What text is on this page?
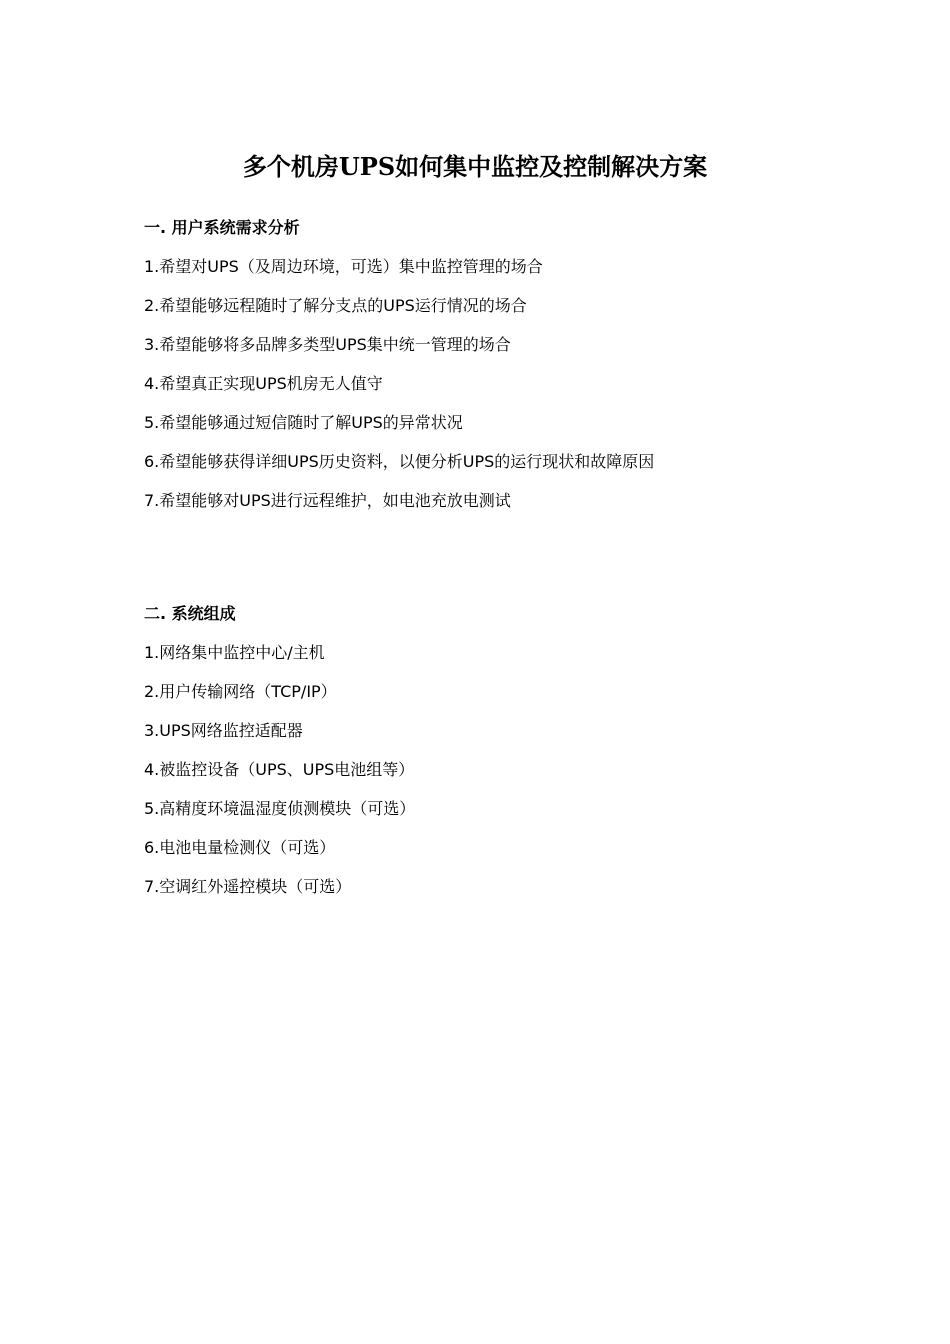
多个机房UPS如何集中监控及控制解决方案
一. 用户系统需求分析
1.希望对UPS（及周边环境，可选）集中监控管理的场合
2.希望能够远程随时了解分支点的UPS运行情况的场合
3.希望能够将多品牌多类型UPS集中统一管理的场合
4.希望真正实现UPS机房无人值守
5.希望能够通过短信随时了解UPS的异常状况
6.希望能够获得详细UPS历史资料，以便分析UPS的运行现状和故障原因
7.希望能够对UPS进行远程维护，如电池充放电测试
二. 系统组成
1.网络集中监控中心/主机
2.用户传输网络（TCP/IP）
3.UPS网络监控适配器
4.被监控设备（UPS、UPS电池组等）
5.高精度环境温湿度侦测模块（可选）
6.电池电量检测仪（可选）
7.空调红外遥控模块（可选）
